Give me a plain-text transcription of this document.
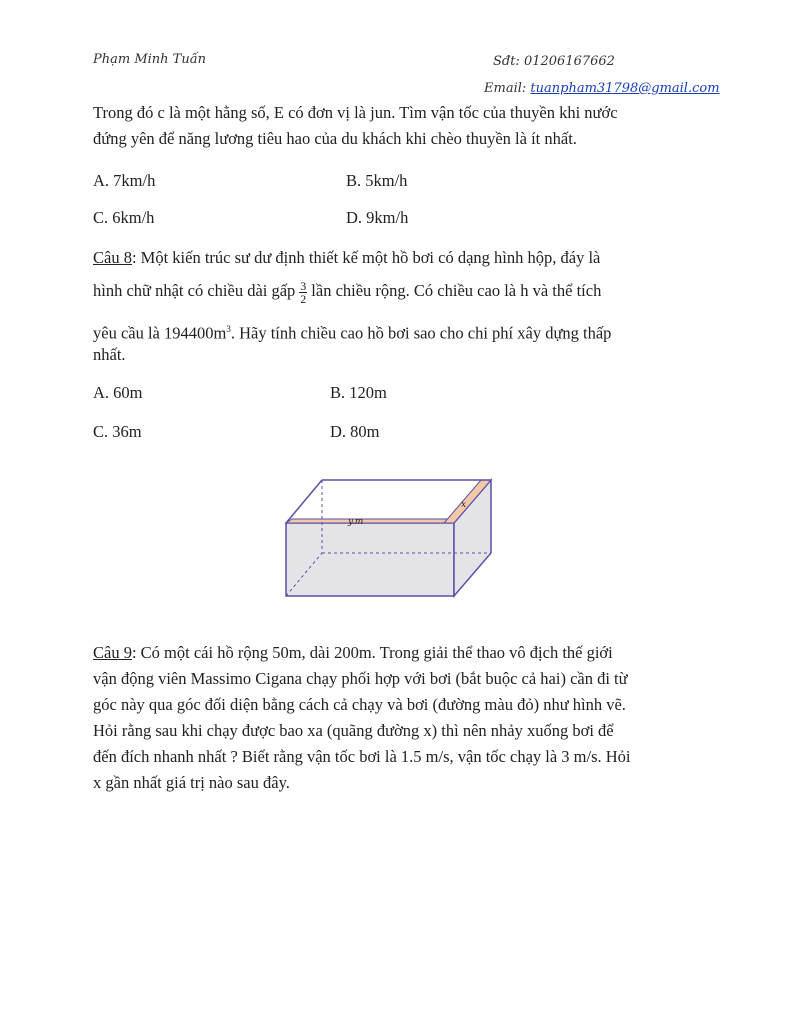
Phạm Minh Tuấn	Sđt: 01206167662
Email: tuanpham31798@gmail.com
Trong đó c là một hằng số, E có đơn vị là jun. Tìm vận tốc của thuyền khi nước
đứng yên để năng lương tiêu hao của du khách khi chèo thuyền là ít nhất.
A. 7km/h	B. 5km/h
C. 6km/h	D. 9km/h
Câu 8: Một kiến trúc sư dư định thiết kế một hồ bơi có dạng hình hộp, đáy là
hình chữ nhật có chiều dài gấp $\frac{3}{2}$ lần chiều rộng. Có chiều cao là h và thể tích
yêu cầu là $194400m^3$. Hãy tính chiều cao hồ bơi sao cho chi phí xây dựng thấp
nhất.
A. 60m	B. 120m
C. 36m	D. 80m
y.m
x
Câu 9: Có một cái hồ rộng 50m, dài 200m. Trong giải thể thao vô địch thế giới
vận động viên Massimo Cigana chạy phối hợp với bơi (bắt buộc cả hai) cần đi từ
góc này qua góc đối diện bằng cách cả chạy và bơi (đường màu đỏ) như hình vẽ.
Hỏi rằng sau khi chạy được bao xa (quãng đường x) thì nên nhảy xuống bơi để
đến đích nhanh nhất ? Biết rằng vận tốc bơi là 1.5 m/s, vận tốc chạy là 3 m/s. Hỏi
x gần nhất giá trị nào sau đây.
